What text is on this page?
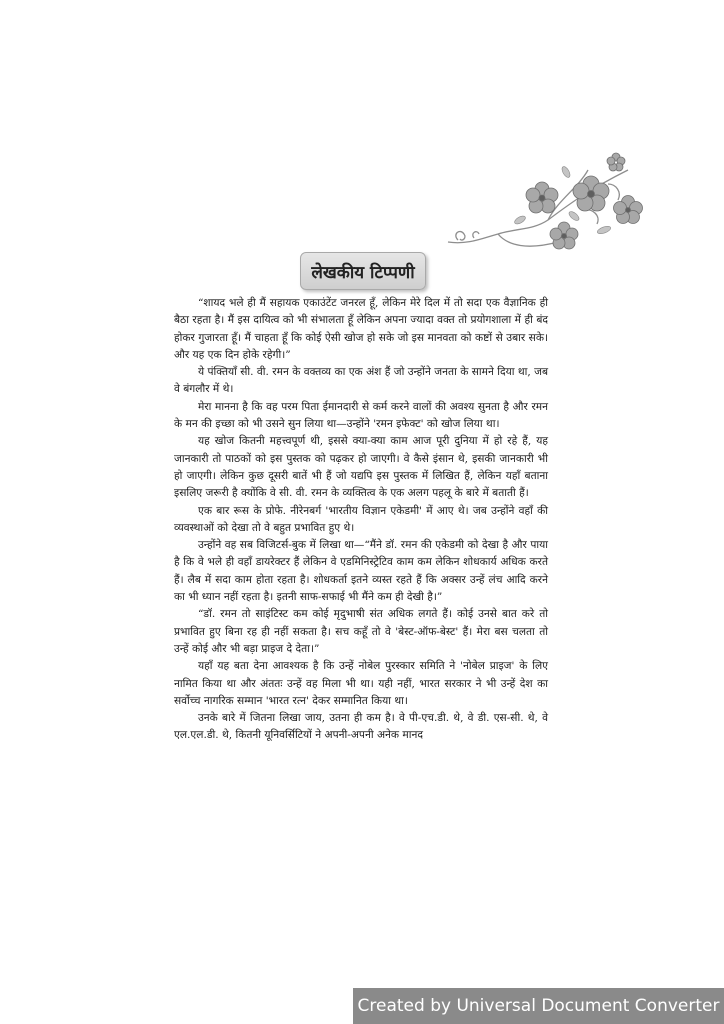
लेखकीय टिप्पणी

“शायद भले ही मैं सहायक एकाउंटेंट जनरल हूँ, लेकिन मेरे दिल में तो सदा एक वैज्ञानिक ही बैठा रहता है। मैं इस दायित्व को भी संभालता हूँ लेकिन अपना ज्यादा वक्त तो प्रयोगशाला में ही बंद होकर गुजारता हूँ। मैं चाहता हूँ कि कोई ऐसी खोज हो सके जो इस मानवता को कष्टों से उबार सके। और यह एक दिन होके रहेगी।”

ये पंक्तियाँ सी. वी. रमन के वक्तव्य का एक अंश हैं जो उन्होंने जनता के सामने दिया था, जब वे बंगलौर में थे।

मेरा मानना है कि वह परम पिता ईमानदारी से कर्म करने वालों की अवश्य सुनता है और रमन के मन की इच्छा को भी उसने सुन लिया था—उन्होंने 'रमन इफेक्ट' को खोज लिया था।

यह खोज कितनी महत्त्वपूर्ण थी, इससे क्या-क्या काम आज पूरी दुनिया में हो रहे हैं, यह जानकारी तो पाठकों को इस पुस्तक को पढ़कर हो जाएगी। वे कैसे इंसान थे, इसकी जानकारी भी हो जाएगी। लेकिन कुछ दूसरी बातें भी हैं जो यद्यपि इस पुस्तक में लिखित हैं, लेकिन यहाँ बताना इसलिए जरूरी है क्योंकि वे सी. वी. रमन के व्यक्तित्व के एक अलग पहलू के बारे में बताती हैं।

एक बार रूस के प्रोफे. नीरेनबर्ग 'भारतीय विज्ञान एकेडमी' में आए थे। जब उन्होंने वहाँ की व्यवस्थाओं को देखा तो वे बहुत प्रभावित हुए थे।

उन्होंने वह सब विजिटर्स-बुक में लिखा था—“मैंने डॉ. रमन की एकेडमी को देखा है और पाया है कि वे भले ही वहाँ डायरेक्टर हैं लेकिन वे एडमिनिस्ट्रेटिव काम कम लेकिन शोधकार्य अधिक करते हैं। लैब में सदा काम होता रहता है। शोधकर्ता इतने व्यस्त रहते हैं कि अक्सर उन्हें लंच आदि करने का भी ध्यान नहीं रहता है। इतनी साफ-सफाई भी मैंने कम ही देखी है।”

“डॉ. रमन तो साइंटिस्ट कम कोई मृदुभाषी संत अधिक लगते हैं। कोई उनसे बात करे तो प्रभावित हुए बिना रह ही नहीं सकता है। सच कहूँ तो वे 'बेस्ट-ऑफ-बेस्ट' हैं। मेरा बस चलता तो उन्हें कोई और भी बड़ा प्राइज दे देता।”

यहाँ यह बता देना आवश्यक है कि उन्हें नोबेल पुरस्कार समिति ने 'नोबेल प्राइज' के लिए नामित किया था और अंततः उन्हें वह मिला भी था। यही नहीं, भारत सरकार ने भी उन्हें देश का सर्वोच्च नागरिक सम्मान 'भारत रत्न' देकर सम्मानित किया था।

उनके बारे में जितना लिखा जाय, उतना ही कम है। वे पी-एच.डी. थे, वे डी. एस-सी. थे, वे एल.एल.डी. थे, कितनी यूनिवर्सिटियों ने अपनी-अपनी अनेक मानद

Created by Universal Document Converter
